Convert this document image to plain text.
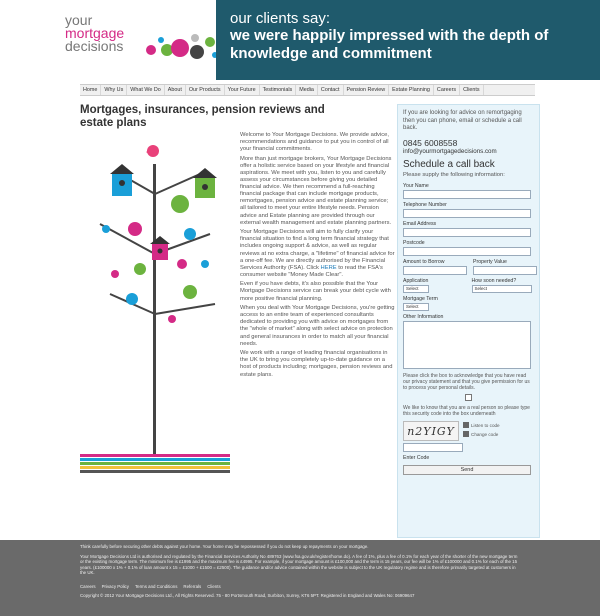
your
mortgage
decisions
our clients say:
we were happily impressed with the depth of knowledge and commitment
Home	Why Us	What We Do	About	Our Products	Your Future	Testimonials	Media	Contact	Pension Review	Estate Planning	Careers	Clients
Mortgages, insurances, pension reviews and estate plans

Welcome to Your Mortgage Decisions. We provide advice, recommendations and guidance to put you in control of all your financial commitments.

More than just mortgage brokers, Your Mortgage Decisions offer a holistic service based on your lifestyle and financial aspirations. We meet with you, listen to you and carefully assess your circumstances before giving you detailed financial advice. We then recommend a full-reaching financial package that can include mortgage products, remortgages, pension advice and estate planning service; all tailored to meet your entire lifestyle needs. Pension advice and Estate planning are provided through our external wealth management and estate planning partners.

Your Mortgage Decisions will aim to fully clarify your financial situation to find a long term financial strategy that includes ongoing support & advice, as well as regular reviews at no extra charge, a "lifetime" of financial advice for a one-off fee. We are directly authorised by the Financial Services Authority (FSA). Click HERE to read the FSA's consumer website "Money Made Clear".

Even if you have debts, it's also possible that the Your Mortgage Decisions service can break your debt cycle with more positive financial planning.

When you deal with Your Mortgage Decisions, you're getting access to an entire team of experienced consultants dedicated to providing you with advice on mortgages from the "whole of market" along with select advice on protection and general insurances in order to match all your financial needs.

We work with a range of leading financial organisations in the UK to bring you completely up-to-date guidance on a host of products including; mortgages, pension reviews and estate plans.

If you are looking for advice on remortgaging then you can phone, email or schedule a call back.
0845 6008558
info@yourmortgagedecisions.com
Schedule a call back
Please supply the following information:
Your Name
Telephone Number
Email Address
Postcode
Amount to Borrow	Property Value
Application
Select
How soon needed?
Select
Mortgage Term
Select
Other Information
Please click the box to acknowledge that you have read our privacy statement and that you give permission for us to process your personal details.
We like to know that you are a real person so please type this security code into the box underneath
n2YIGY	Listen to code
Change code
Enter Code
Send
Think carefully before securing other debts against your home. Your home may be repossessed if you do not keep up repayments on your mortgage.
Your Mortgage Decisions Ltd is authorised and regulated by the Financial Services Authority No 489763 (www.fsa.gov.uk/register/home.do). A fee of 1%, plus a fee of 0.1% for each year of the shorter of the new mortgage term or the existing mortgage term. The minimum fee is £1995 and the maximum fee is £4995. For example, if your mortgage amount is £100,000 and the term is 15 years, our fee will be 1% of £100000 and 0.1% for each of the 15 years. (£100000 x 1% + 0.1% of loan amount x 15 = £1000 + £1500 = £2500). The guidance and/or advice contained within the website is subject to the UK regulatory regime and is therefore primarily targeted at customers in the UK.
Careers Privacy Policy Terms and Conditions Referrals Clients
Copyright © 2012 Your Mortgage Decisions Ltd., All Rights Reserved. 75 - 80 Portsmouth Road, Surbiton, Surrey, KT6 5PT. Registered in England and Wales No: 06909647
